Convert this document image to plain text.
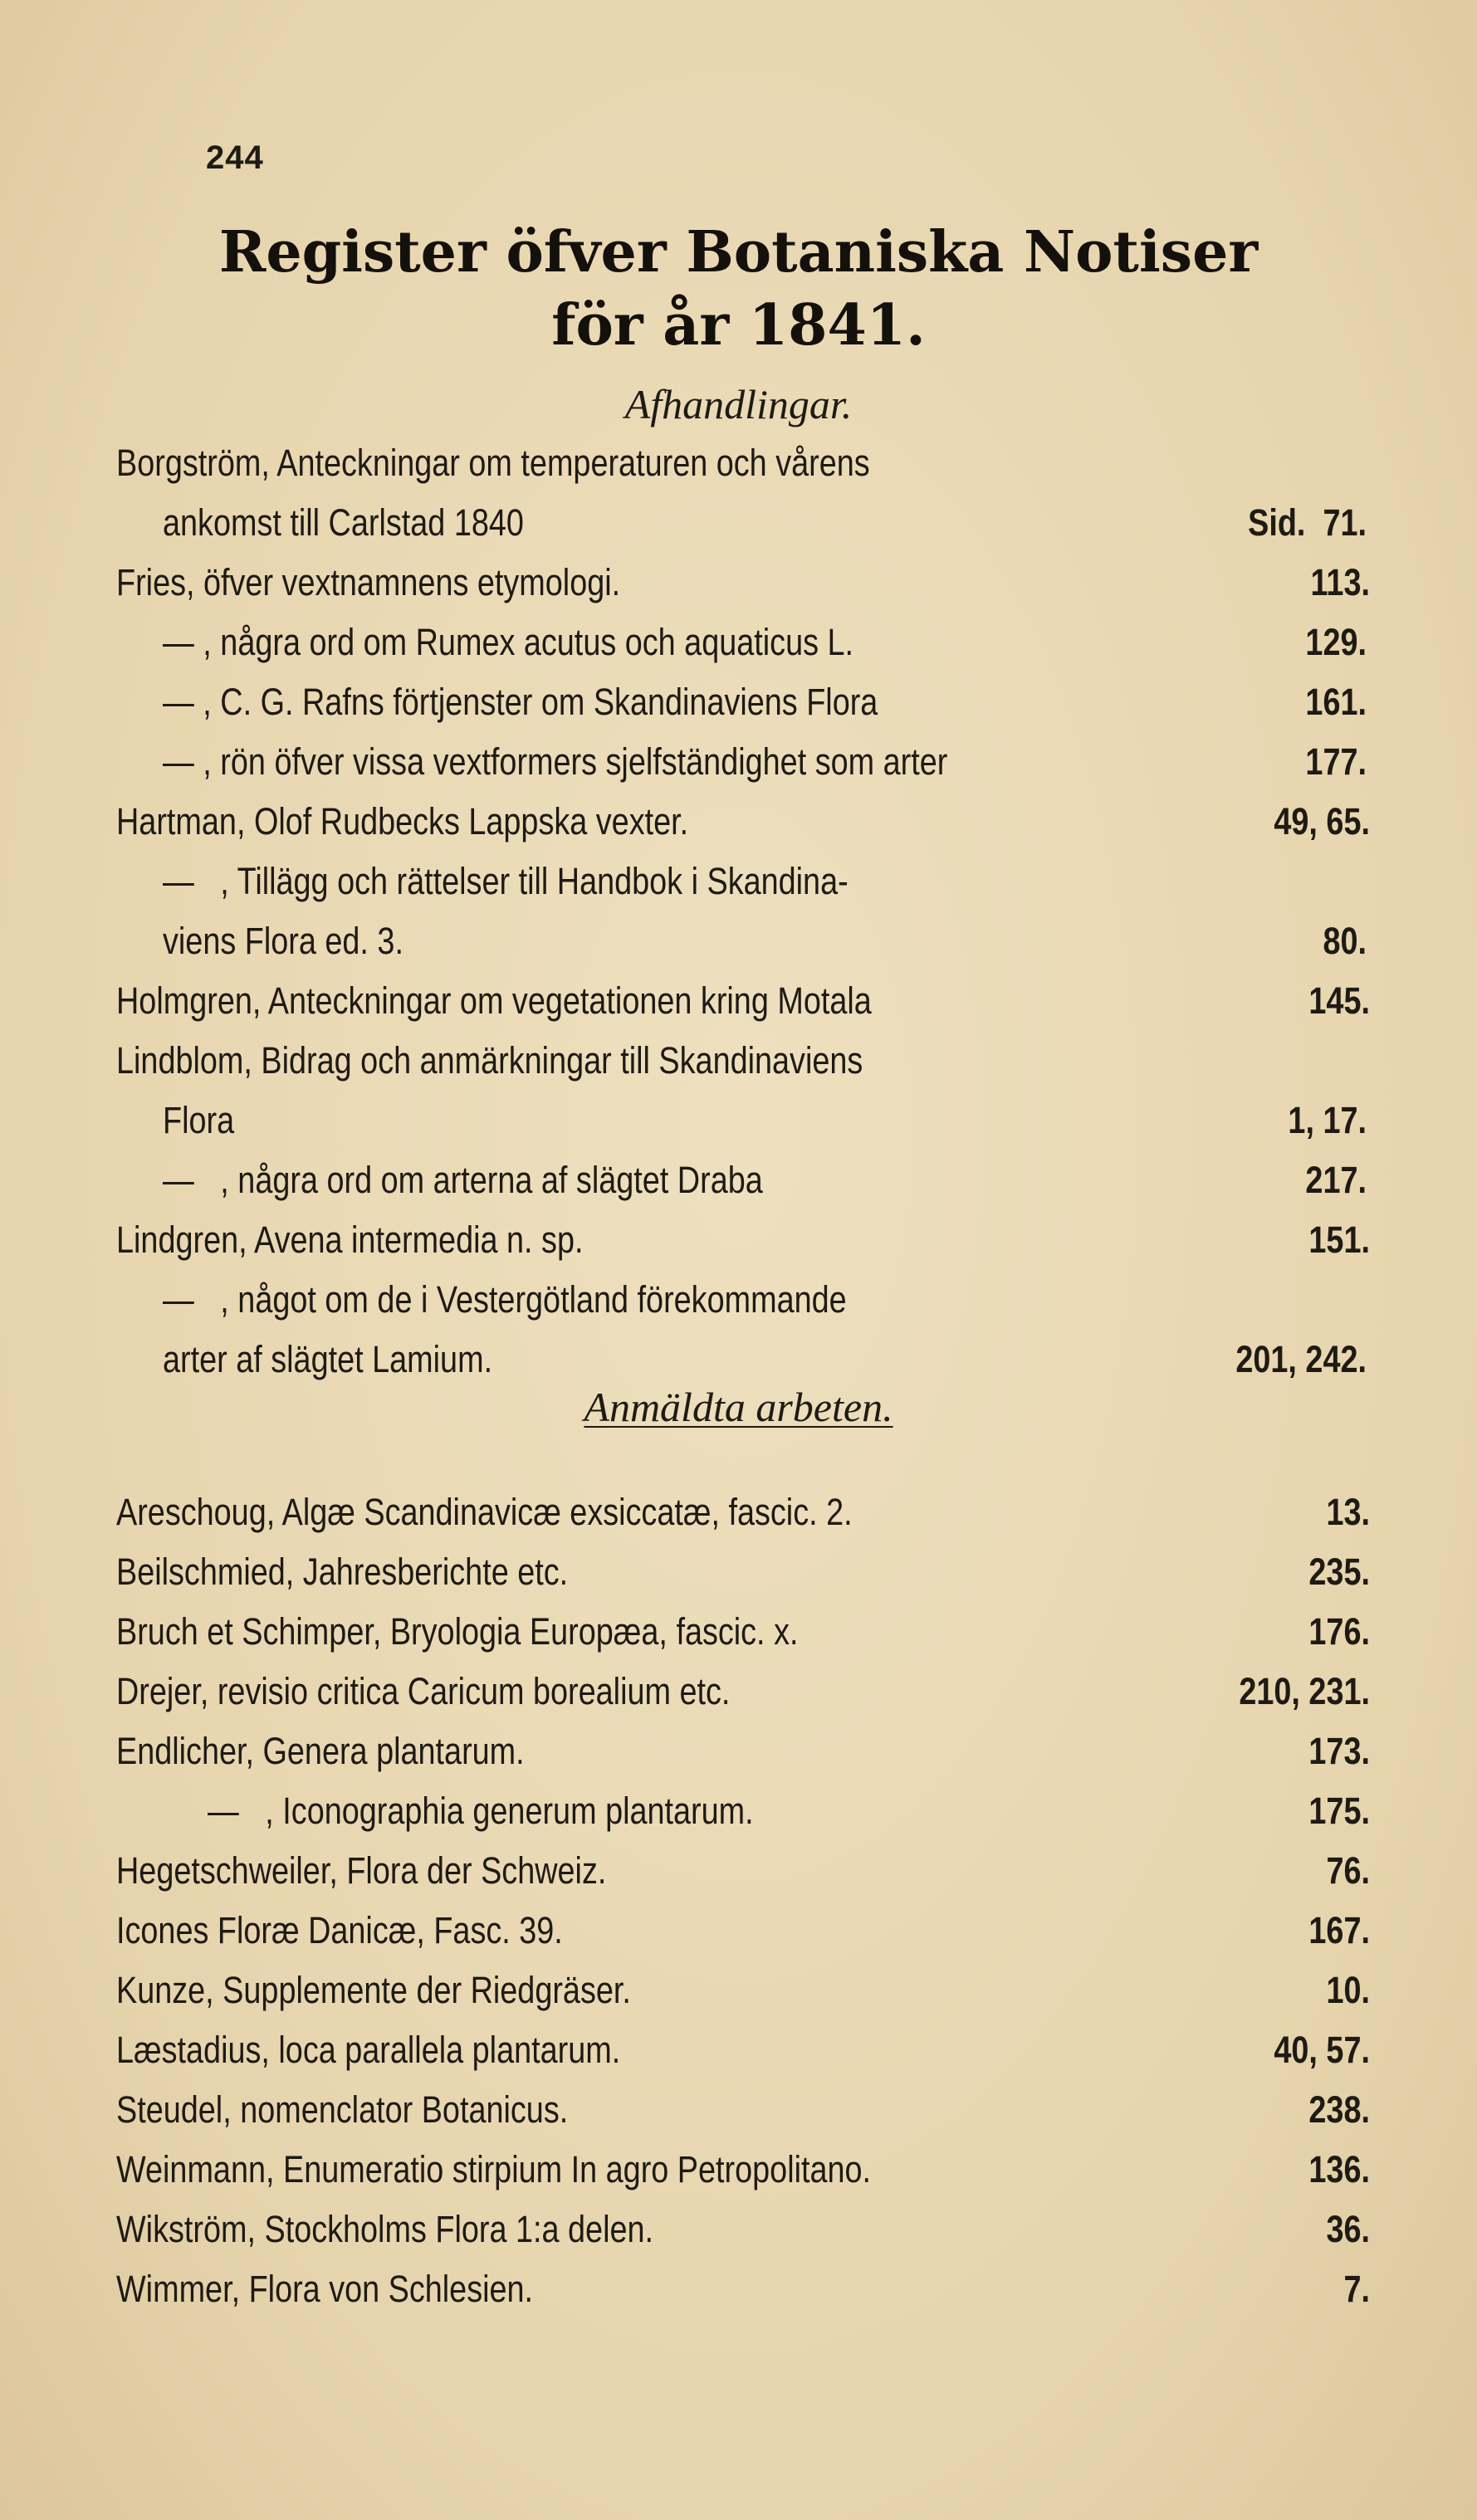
244
Register öfver Botaniska Notiser
för år 1841.
Afhandlingar.
Borgström, Anteckningar om temperaturen och vårens
ankomst till Carlstad 1840	Sid.  71.
Fries, öfver vextnamnens etymologi.	113.
— , några ord om Rumex acutus och aquaticus L.	129.
— , C. G. Rafns förtjenster om Skandinaviens Flora	161.
— , rön öfver vissa vextformers sjelfständighet som arter	177.
Hartman, Olof Rudbecks Lappska vexter.	49, 65.
—   , Tillägg och rättelser till Handbok i Skandina-
viens Flora ed. 3.	80.
Holmgren, Anteckningar om vegetationen kring Motala	145.
Lindblom, Bidrag och anmärkningar till Skandinaviens
Flora	1, 17.
—   , några ord om arterna af slägtet Draba	217.
Lindgren, Avena intermedia n. sp.	151.
—   , något om de i Vestergötland förekommande
arter af slägtet Lamium.	201, 242.
Anmäldta arbeten.
Areschoug, Algæ Scandinavicæ exsiccatæ, fascic. 2.	13.
Beilschmied, Jahresberichte etc.	235.
Bruch et Schimper, Bryologia Europæa, fascic. x.	176.
Drejer, revisio critica Caricum borealium etc.	210, 231.
Endlicher, Genera plantarum.	173.
—   , Iconographia generum plantarum.	175.
Hegetschweiler, Flora der Schweiz.	76.
Icones Floræ Danicæ, Fasc. 39.	167.
Kunze, Supplemente der Riedgräser.	10.
Læstadius, loca parallela plantarum.	40, 57.
Steudel, nomenclator Botanicus.	238.
Weinmann, Enumeratio stirpium In agro Petropolitano.	136.
Wikström, Stockholms Flora 1:a delen.	36.
Wimmer, Flora von Schlesien.	7.
